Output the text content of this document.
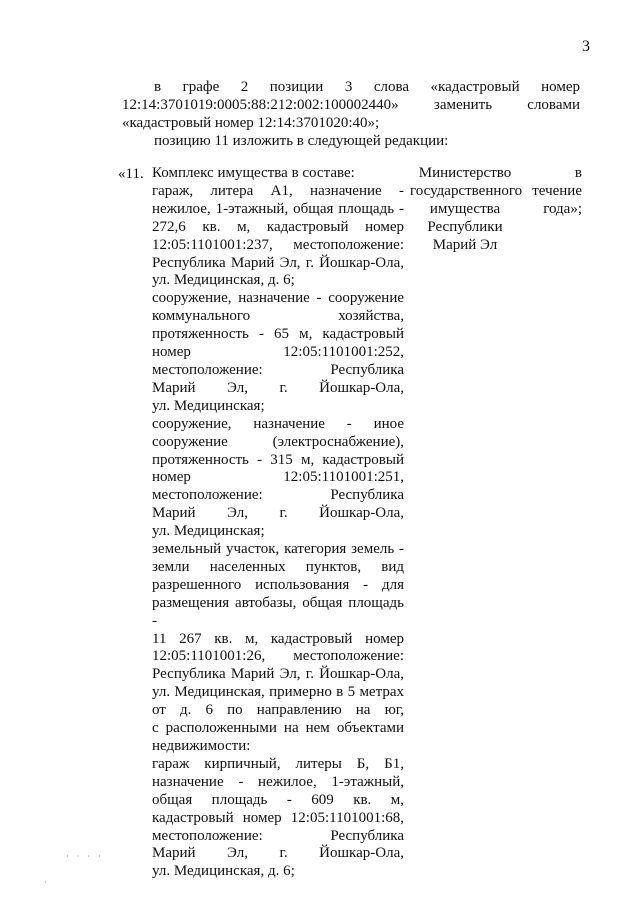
3

в графе 2 позиции 3 слова «кадастровый номер

12:14:3701019:0005:88:212:002:100002440» заменить словами

«кадастровый номер 12:14:3701020:40»;

позицию 11 изложить в следующей редакции:

«11. Комплекс имущества в составе:
гараж, литера А1, назначение -
нежилое, 1-этажный, общая площадь -
272,6 кв. м, кадастровый номер
12:05:1101001:237, местоположение:
Республика Марий Эл, г. Йошкар-Ола,
ул. Медицинская, д. 6;
сооружение, назначение - сооружение
коммунального хозяйства,
протяженность - 65 м, кадастровый
номер 12:05:1101001:252,
местоположение: Республика
Марий Эл, г. Йошкар-Ола,
ул. Медицинская;
сооружение, назначение - иное
сооружение (электроснабжение),
протяженность - 315 м, кадастровый
номер 12:05:1101001:251,
местоположение: Республика
Марий Эл, г. Йошкар-Ола,
ул. Медицинская;
земельный участок, категория земель -
земли населенных пунктов, вид
разрешенного использования - для
размещения автобазы, общая площадь -
11 267 кв. м, кадастровый номер
12:05:1101001:26, местоположение:
Республика Марий Эл, г. Йошкар-Ола,
ул. Медицинская, примерно в 5 метрах
от д. 6 по направлению на юг,
с расположенными на нем объектами
недвижимости:
гараж кирпичный, литеры Б, Б1,
назначение - нежилое, 1-этажный,
общая площадь - 609 кв. м,
кадастровый номер 12:05:1101001:68,
местоположение: Республика
Марий Эл, г. Йошкар-Ола,
ул. Медицинская, д. 6;
Министерство
государственного
имущества
Республики
Марий Эл
в
течение
года»;
· · · ·
·
